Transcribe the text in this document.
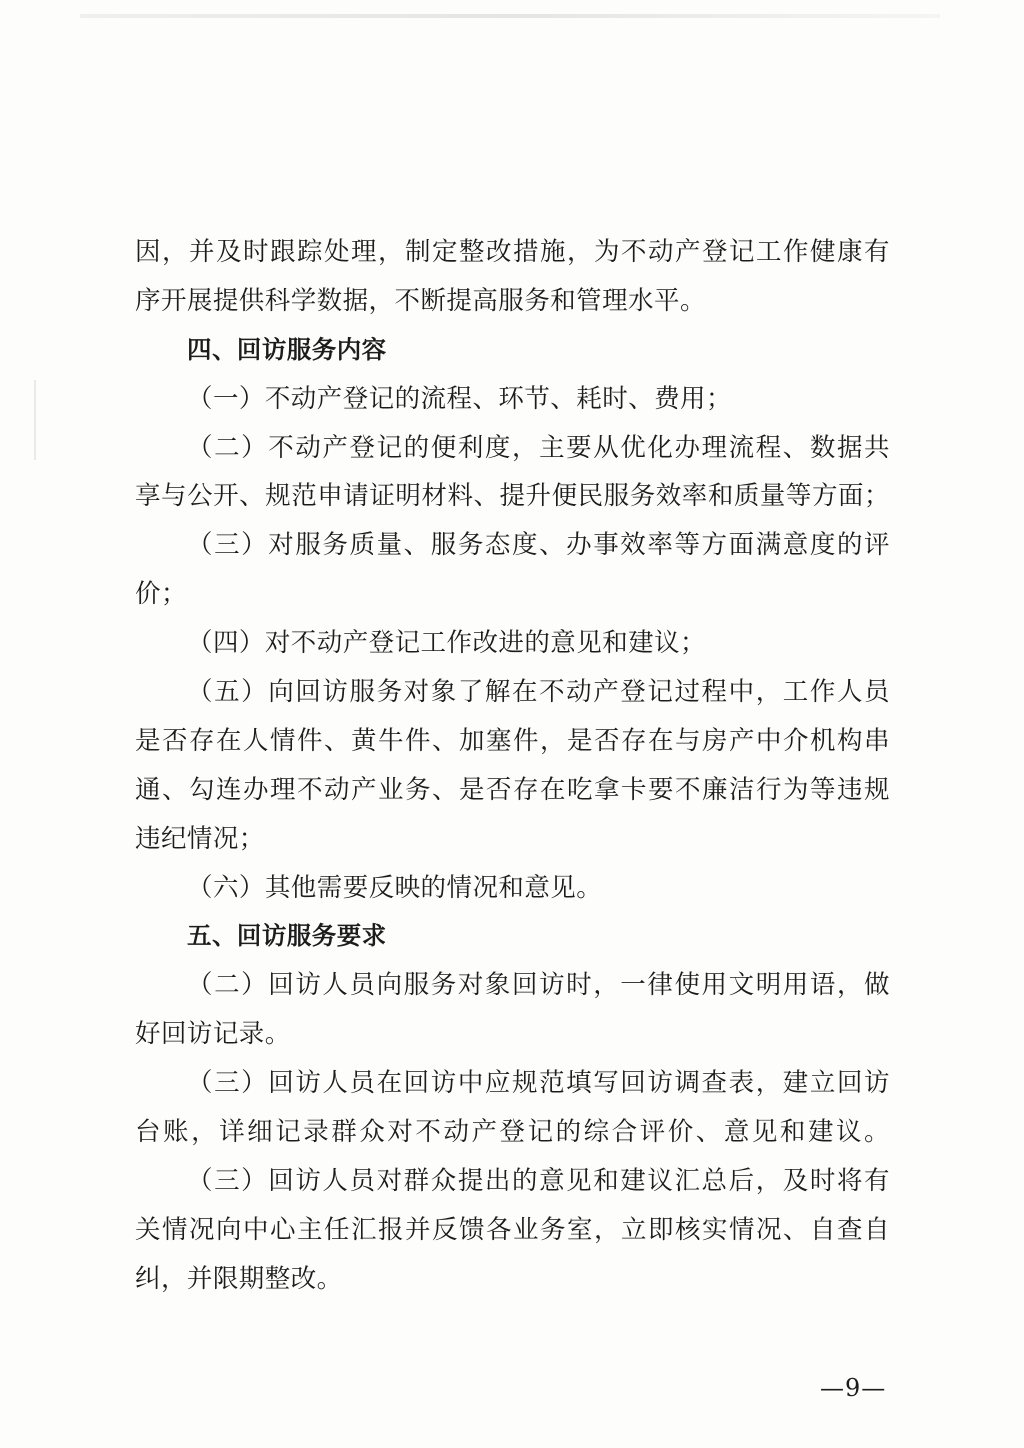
因，并及时跟踪处理，制定整改措施，为不动产登记工作健康有
序开展提供科学数据，不断提高服务和管理水平。
四、回访服务内容
（一）不动产登记的流程、环节、耗时、费用；
（二）不动产登记的便利度，主要从优化办理流程、数据共
享与公开、规范申请证明材料、提升便民服务效率和质量等方面；
（三）对服务质量、服务态度、办事效率等方面满意度的评
价；
（四）对不动产登记工作改进的意见和建议；
（五）向回访服务对象了解在不动产登记过程中，工作人员
是否存在人情件、黄牛件、加塞件，是否存在与房产中介机构串
通、勾连办理不动产业务、是否存在吃拿卡要不廉洁行为等违规
违纪情况；
（六）其他需要反映的情况和意见。
五、回访服务要求
（二）回访人员向服务对象回访时，一律使用文明用语，做
好回访记录。
（三）回访人员在回访中应规范填写回访调查表，建立回访
台账，详细记录群众对不动产登记的综合评价、意见和建议。
（三）回访人员对群众提出的意见和建议汇总后，及时将有
关情况向中心主任汇报并反馈各业务室，立即核实情况、自查自
纠，并限期整改。
—9—
